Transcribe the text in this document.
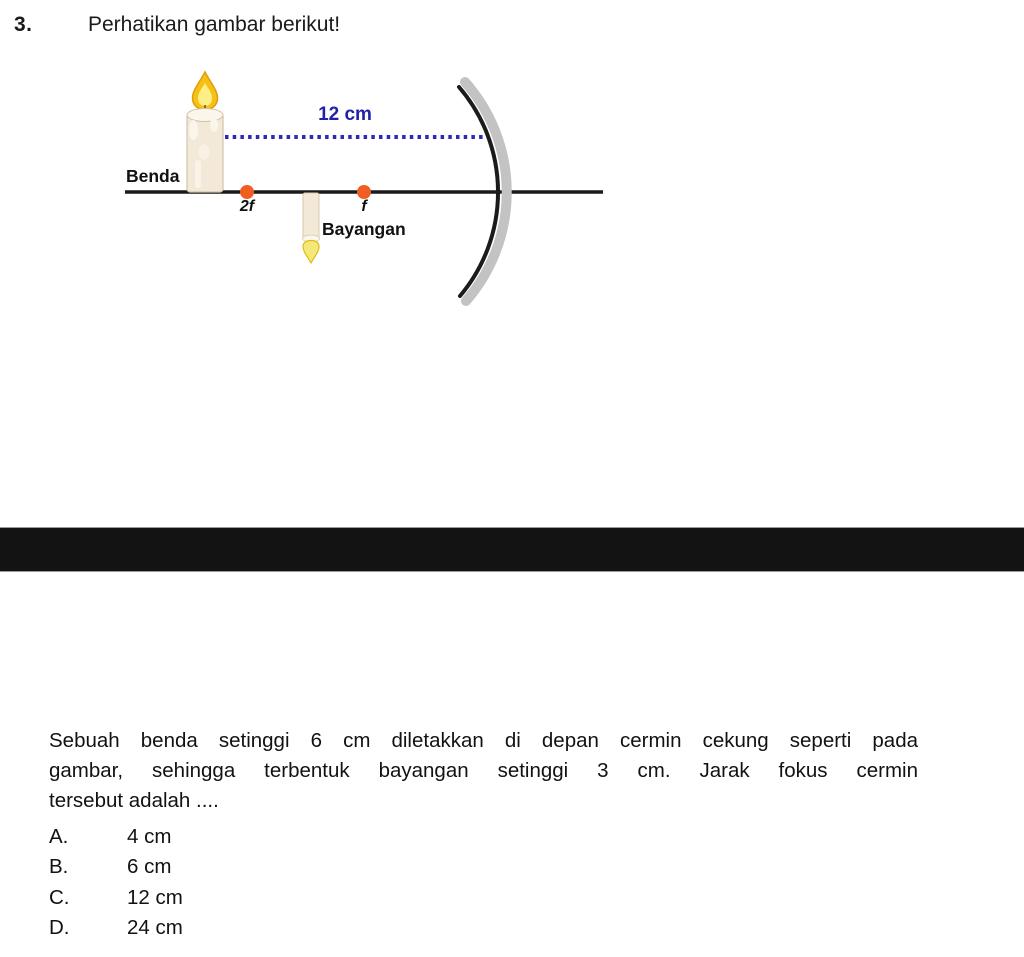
3.	Perhatikan gambar berikut!
12 cm
Benda
2f	f
Bayangan
Sebuah benda setinggi 6 cm diletakkan di depan cermin cekung seperti pada
gambar, sehingga terbentuk bayangan setinggi 3 cm. Jarak fokus cermin
tersebut adalah ....
A.	4 cm
B.	6 cm
C.	12 cm
D.	24 cm
